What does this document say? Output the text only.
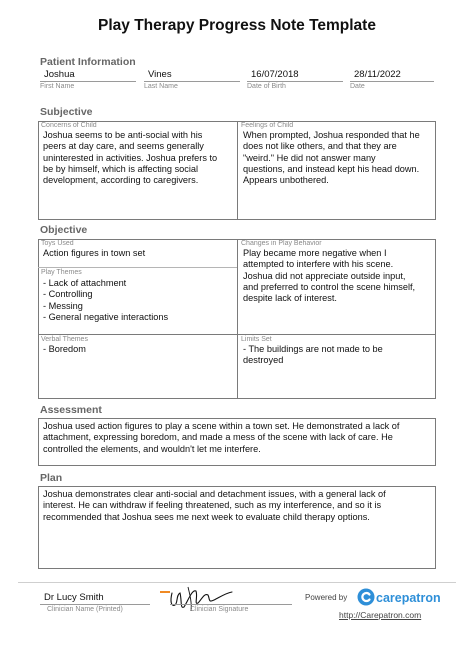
Play Therapy Progress Note Template
Patient Information
Joshua	Vines	16/07/2018	28/11/2022
First Name	Last Name	Date of Birth	Date
Subjective
Concerns of Child
Joshua seems to be anti-social with his
peers at day care, and seems generally
uninterested in activities. Joshua prefers to
be by himself, which is affecting social
development, according to caregivers.
Feelings of Child
When prompted, Joshua responded that he
does not like others, and that they are
"weird." He did not answer many
questions, and instead kept his head down.
Appears unbothered.
Objective
Toys Used
Action figures in town set
Play Themes
- Lack of attachment
- Controlling
- Messing
- General negative interactions
Changes in Play Behavior
Play became more negative when I
attempted to interfere with his scene.
Joshua did not appreciate outside input,
and preferred to control the scene himself,
despite lack of interest.
Verbal Themes
- Boredom
Limits Set
- The buildings are not made to be
destroyed
Assessment
Joshua used action figures to play a scene within a town set. He demonstrated a lack of
attachment, expressing boredom, and made a mess of the scene with lack of care. He
controlled the elements, and wouldn't let me interfere.
Plan
Joshua demonstrates clear anti-social and detachment issues, with a general lack of
interest. He can withdraw if feeling threatened, such as my interference, and so it is
recommended that Joshua sees me next week to evaluate child therapy options.
Dr Lucy Smith
Clinician Name (Printed)	Clinician Signature
Powered by carepatron
http://Carepatron.com
